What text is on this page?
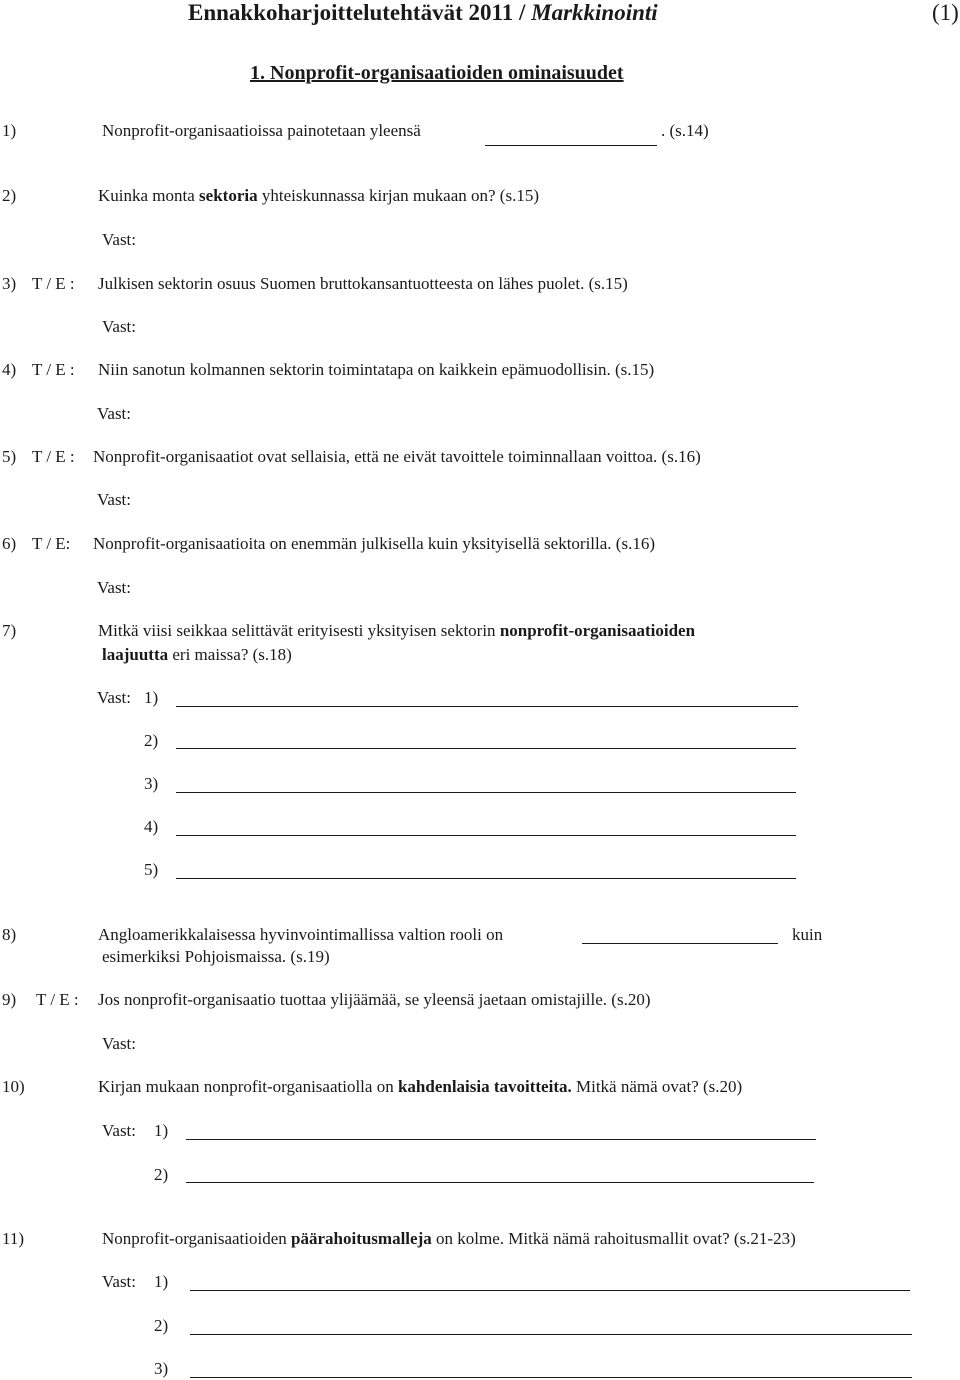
Ennakkoharjoittelutehtävät 2011 / Markkinointi	(1)
1. Nonprofit-organisaatioiden ominaisuudet
1)	Nonprofit-organisaatioissa painotetaan yleensä	. (s.14)
2)	Kuinka monta sektoria yhteiskunnassa kirjan mukaan on? (s.15)
Vast:
3) T / E : Julkisen sektorin osuus Suomen bruttokansantuotteesta on lähes puolet. (s.15)
Vast:
4) T / E : Niin sanotun kolmannen sektorin toimintatapa on kaikkein epämuodollisin. (s.15)
Vast:
5) T / E : Nonprofit-organisaatiot ovat sellaisia, että ne eivät tavoittele toiminnallaan voittoa. (s.16)
Vast:
6) T / E: Nonprofit-organisaatioita on enemmän julkisella kuin yksityisellä sektorilla. (s.16)
Vast:
7)	Mitkä viisi seikkaa selittävät erityisesti yksityisen sektorin nonprofit-organisaatioiden
laajuutta eri maissa? (s.18)
Vast: 1)
2)
3)
4)
5)
8)	Angloamerikkalaisessa hyvinvointimallissa valtion rooli on	kuin
esimerkiksi Pohjoismaissa. (s.19)
9) T / E : Jos nonprofit-organisaatio tuottaa ylijäämää, se yleensä jaetaan omistajille. (s.20)
Vast:
10)	Kirjan mukaan nonprofit-organisaatiolla on kahdenlaisia tavoitteita. Mitkä nämä ovat? (s.20)
Vast: 1)
2)
11)	Nonprofit-organisaatioiden päärahoitusmalleja on kolme. Mitkä nämä rahoitusmallit ovat? (s.21-23)
Vast: 1)
2)
3)
